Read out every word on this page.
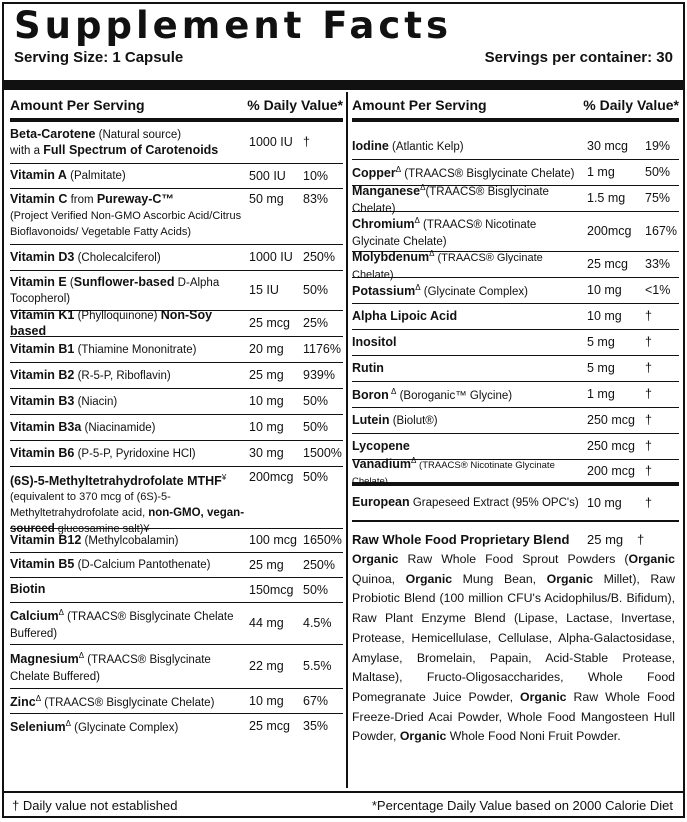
Supplement Facts
Serving Size: 1 Capsule	Servings per container: 30
Amount Per Serving	% Daily Value*
Beta-Carotene (Natural source)
with a Full Spectrum of Carotenoids
1000 IU †
Vitamin A (Palmitate)	500 IU	10%
Vitamin C from Pureway-C™
(Project Verified Non-GMO Ascorbic Acid/Citrus Bioflavonoids/ Vegetable Fatty Acids)
50 mg	83%
Vitamin D3 (Cholecalciferol)	1000 IU 250%
Vitamin E (Sunflower-based D-Alpha Tocopherol)
15 IU	50%
Vitamin K1 (Phylloquinone) Non-Soy based
25 mcg	25%
Vitamin B1 (Thiamine Mononitrate)	20 mg	1176%
Vitamin B2 (R-5-P, Riboflavin)	25 mg	939%
Vitamin B3 (Niacin)	10 mg	50%
Vitamin B3a (Niacinamide)	10 mg	50%
Vitamin B6 (P-5-P, Pyridoxine HCl)	30 mg	1500%
(6S)-5-Methyltetrahydrofolate MTHF¥
(equivalent to 370 mcg of (6S)-5-Methyltetrahydrofolate acid, non-GMO, vegan-sourced glucosamine salt)¥
200mcg 50%
Vitamin B12 (Methylcobalamin)	100 mcg 1650%
Vitamin B5 (D-Calcium Pantothenate)	25 mg	250%
Biotin	150mcg 50%
Calcium$^\Delta$ (TRAACS® Bisglycinate Chelate Buffered)
44 mg	4.5%
Magnesium$^\Delta$ (TRAACS® Bisglycinate Chelate Buffered)
22 mg	5.5%
Zinc$^\Delta$ (TRAACS® Bisglycinate Chelate)	10 mg	67%
Selenium$^\Delta$ (Glycinate Complex)	25 mcg	35%
Amount Per Serving	% Daily Value*
Iodine (Atlantic Kelp)	30 mcg	19%
Copper$^\Delta$ (TRAACS® Bisglycinate Chelate)	1 mg	50%
Manganese$^\Delta$(TRAACS® Bisglycinate Chelate)
1.5 mg	75%
Chromium$^\Delta$ (TRAACS® Nicotinate Glycinate Chelate)
200mcg	167%
Molybdenum$^\Delta$ (TRAACS® Glycinate Chelate)
25 mcg	33%
Potassium$^\Delta$ (Glycinate Complex)	10 mg	<1%
Alpha Lipoic Acid	10 mg	†
Inositol	5 mg	†
Rutin	5 mg	†
Boron $^\Delta$ (Boroganic™ Glycine)	1 mg	†
Lutein (Biolut®)	250 mcg †
Lycopene	250 mcg †
Vanadium$^\Delta$ (TRAACS® Nicotinate Glycinate Chelate)
200 mcg †
European Grapeseed Extract (95% OPC's) 10 mg	†
Raw Whole Food Proprietary Blend	25 mg	†
Organic Raw Whole Food Sprout Powders (Organic Quinoa, Organic Mung Bean, Organic Millet), Raw Probiotic Blend (100 million CFU's Acidophilus/B. Bifidum), Raw Plant Enzyme Blend (Lipase, Lactase, Invertase, Protease, Hemicellulase, Cellulase, Alpha-Galactosidase, Amylase, Bromelain, Papain, Acid-Stable Protease, Maltase), Fructo-Oligosaccharides, Whole Food Pomegranate Juice Powder, Organic Raw Whole Food Freeze-Dried Acai Powder, Whole Food Mangosteen Hull Powder, Organic Whole Food Noni Fruit Powder.
† Daily value not established	*Percentage Daily Value based on 2000 Calorie Diet
